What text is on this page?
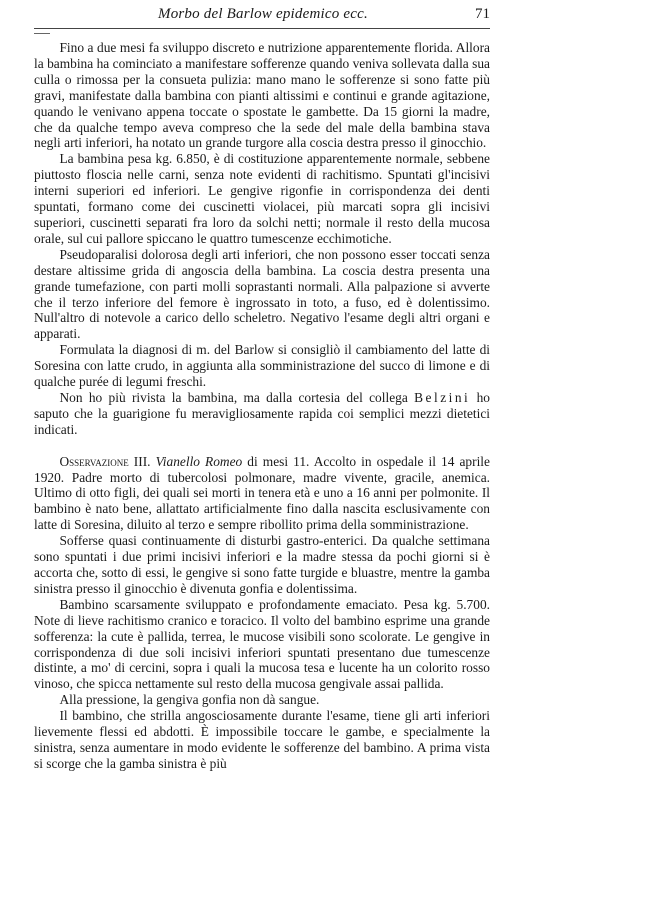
Morbo del Barlow epidemico ecc.	71

Fino a due mesi fa sviluppo discreto e nutrizione apparentemente florida. Allora la bambina ha cominciato a manifestare sofferenze quando veniva sollevata dalla sua culla o rimossa per la consueta pulizia: mano mano le sofferenze si sono fatte più gravi, manifestate dalla bambina con pianti altissimi e continui e grande agitazione, quando le venivano appena toccate o spostate le gambette. Da 15 giorni la madre, che da qualche tempo aveva compreso che la sede del male della bambina stava negli arti inferiori, ha notato un grande turgore alla coscia destra presso il ginocchio.

La bambina pesa kg. 6.850, è di costituzione apparentemente normale, sebbene piuttosto floscia nelle carni, senza note evidenti di rachitismo. Spuntati gl'incisivi interni superiori ed inferiori. Le gengive rigonfie in corrispondenza dei denti spuntati, formano come dei cuscinetti violacei, più marcati sopra gli incisivi superiori, cuscinetti separati fra loro da solchi netti; normale il resto della mucosa orale, sul cui pallore spiccano le quattro tumescenze ecchimotiche.

Pseudoparalisi dolorosa degli arti inferiori, che non possono esser toccati senza destare altissime grida di angoscia della bambina. La coscia destra presenta una grande tumefazione, con parti molli soprastanti normali. Alla palpazione si avverte che il terzo inferiore del femore è ingrossato in toto, a fuso, ed è dolentissimo. Null'altro di notevole a carico dello scheletro. Negativo l'esame degli altri organi e apparati.

Formulata la diagnosi di m. del Barlow si consigliò il cambiamento del latte di Soresina con latte crudo, in aggiunta alla somministrazione del succo di limone e di qualche purée di legumi freschi.

Non ho più rivista la bambina, ma dalla cortesia del collega Belzini ho saputo che la guarigione fu meravigliosamente rapida coi semplici mezzi dietetici indicati.

Osservazione III. Vianello Romeo di mesi 11. Accolto in ospedale il 14 aprile 1920. Padre morto di tubercolosi polmonare, madre vivente, gracile, anemica. Ultimo di otto figli, dei quali sei morti in tenera età e uno a 16 anni per polmonite. Il bambino è nato bene, allattato artificialmente fino dalla nascita esclusivamente con latte di Soresina, diluito al terzo e sempre ribollito prima della somministrazione.

Sofferse quasi continuamente di disturbi gastro-enterici. Da qualche settimana sono spuntati i due primi incisivi inferiori e la madre stessa da pochi giorni si è accorta che, sotto di essi, le gengive si sono fatte turgide e bluastre, mentre la gamba sinistra presso il ginocchio è divenuta gonfia e dolentissima.

Bambino scarsamente sviluppato e profondamente emaciato. Pesa kg. 5.700. Note di lieve rachitismo cranico e toracico. Il volto del bambino esprime una grande sofferenza: la cute è pallida, terrea, le mucose visibili sono scolorate. Le gengive in corrispondenza di due soli incisivi inferiori spuntati presentano due tumescenze distinte, a mo' di cercini, sopra i quali la mucosa tesa e lucente ha un colorito rosso vinoso, che spicca nettamente sul resto della mucosa gengivale assai pallida.

Alla pressione, la gengiva gonfia non dà sangue.

Il bambino, che strilla angosciosamente durante l'esame, tiene gli arti inferiori lievemente flessi ed abdotti. È impossibile toccare le gambe, e specialmente la sinistra, senza aumentare in modo evidente le sofferenze del bambino. A prima vista si scorge che la gamba sinistra è più
